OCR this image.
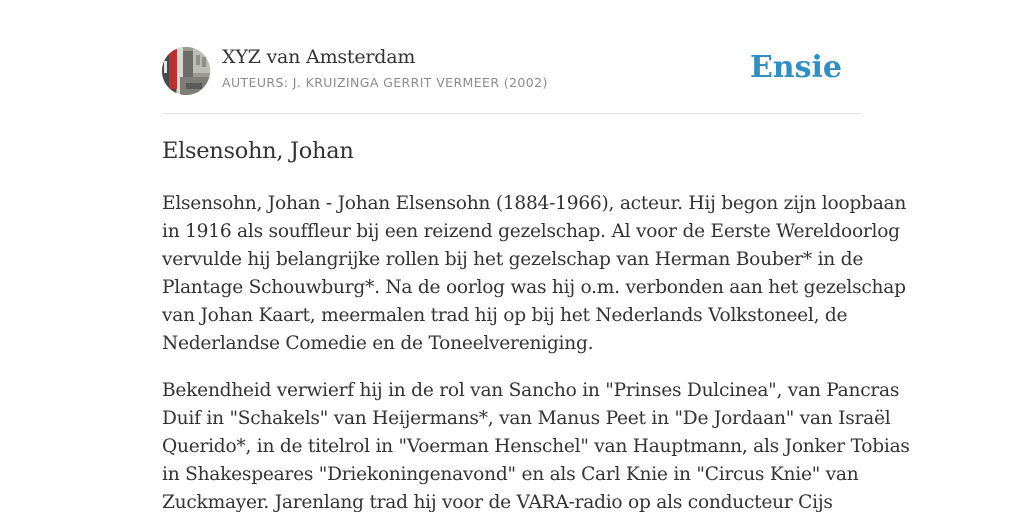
XYZ van Amsterdam
AUTEURS: J. KRUIZINGA GERRIT VERMEER (2002)	Ensie
Elsensohn, Johan

Elsensohn, Johan - Johan Elsensohn (1884-1966), acteur. Hij begon zijn loopbaan
in 1916 als souffleur bij een reizend gezelschap. Al voor de Eerste Wereldoorlog
vervulde hij belangrijke rollen bij het gezelschap van Herman Bouber* in de
Plantage Schouwburg*. Na de oorlog was hij o.m. verbonden aan het gezelschap
van Johan Kaart, meermalen trad hij op bij het Nederlands Volkstoneel, de
Nederlandse Comedie en de Toneelvereniging.

Bekendheid verwierf hij in de rol van Sancho in "Prinses Dulcinea", van Pancras
Duif in "Schakels" van Heijermans*, van Manus Peet in "De Jordaan" van Israël
Querido*, in de titelrol in "Voerman Henschel" van Hauptmann, als Jonker Tobias
in Shakespeares "Driekoningenavond" en als Carl Knie in "Circus Knie" van
Zuckmayer. Jarenlang trad hij voor de VARA-radio op als conducteur Cijs
